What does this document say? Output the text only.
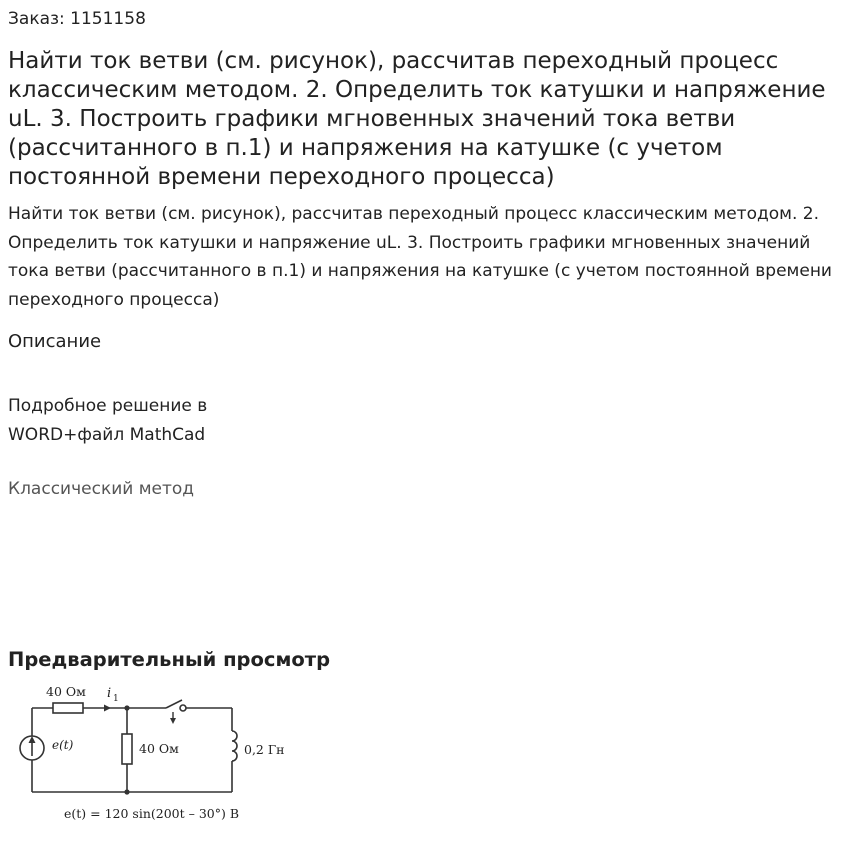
Заказ: 1151158
Найти ток ветви (см. рисунок), рассчитав переходный процесс классическим методом. 2. Определить ток катушки и напряжение uL. 3. Построить графики мгновенных значений тока ветви (рассчитанного в п.1) и напряжения на катушке (с учетом постоянной времени переходного процесса)

Найти ток ветви (см. рисунок), рассчитав переходный процесс классическим методом. 2. Определить ток катушки и напряжение uL. 3. Построить графики мгновенных значений тока ветви (рассчитанного в п.1) и напряжения на катушке (с учетом постоянной времени переходного процесса)

Описание
Подробное решение в
WORD+файл MathCad
Классический метод
Предварительный просмотр
40 Ом i 1
e(t)	40 Ом	0,2 Гн
e(t) = 120 sin(200t – 30°) В
